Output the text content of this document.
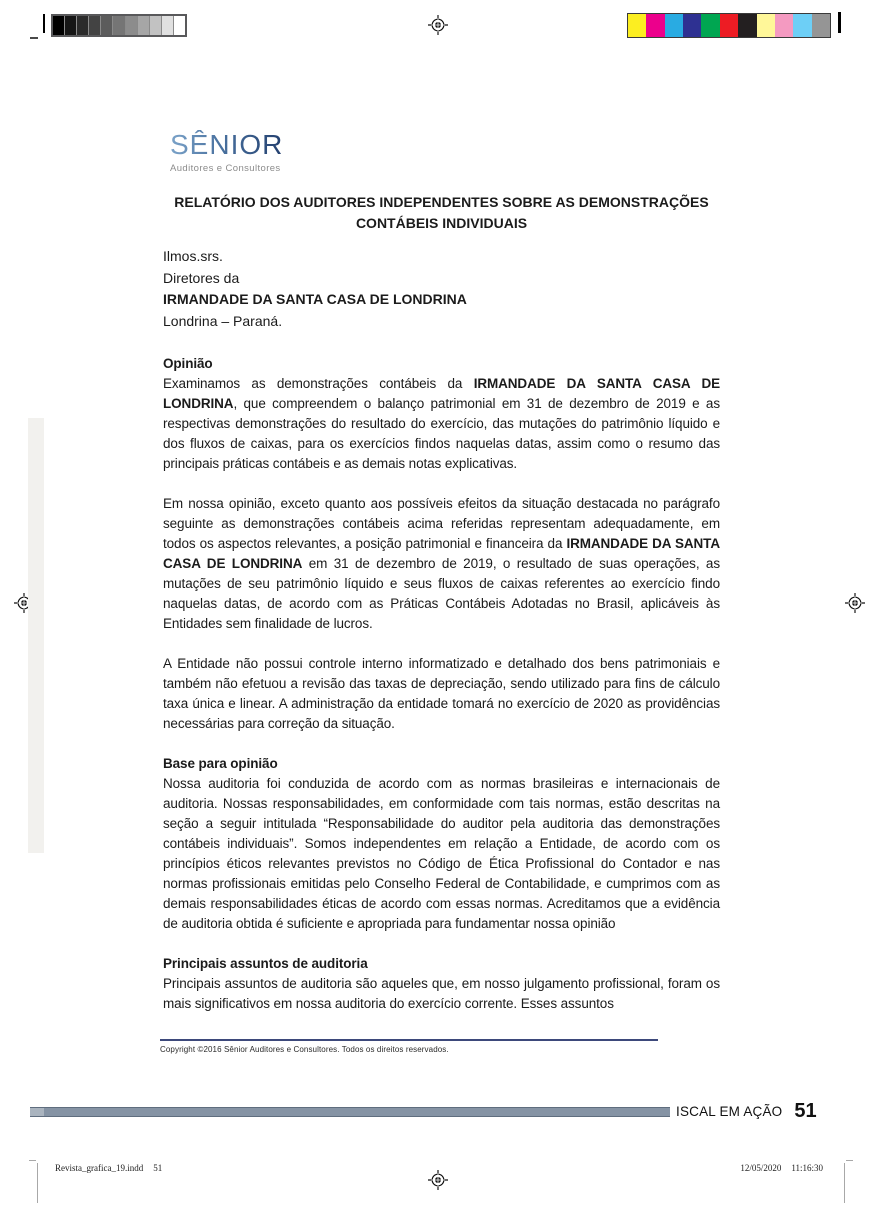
SÊNIOR
Auditores e Consultores
RELATÓRIO DOS AUDITORES INDEPENDENTES SOBRE AS DEMONSTRAÇÕES
CONTÁBEIS INDIVIDUAIS
Ilmos.srs.
Diretores da
IRMANDADE DA SANTA CASA DE LONDRINA
Londrina – Paraná.
Opinião

Examinamos as demonstrações contábeis da IRMANDADE DA SANTA CASA DE LONDRINA, que compreendem o balanço patrimonial em 31 de dezembro de 2019 e as respectivas demonstrações do resultado do exercício, das mutações do patrimônio líquido e dos fluxos de caixas, para os exercícios findos naquelas datas, assim como o resumo das principais práticas contábeis e as demais notas explicativas.

Em nossa opinião, exceto quanto aos possíveis efeitos da situação destacada no parágrafo seguinte as demonstrações contábeis acima referidas representam adequadamente, em todos os aspectos relevantes, a posição patrimonial e financeira da IRMANDADE DA SANTA CASA DE LONDRINA em 31 de dezembro de 2019, o resultado de suas operações, as mutações de seu patrimônio líquido e seus fluxos de caixas referentes ao exercício findo naquelas datas, de acordo com as Práticas Contábeis Adotadas no Brasil, aplicáveis às Entidades sem finalidade de lucros.

A Entidade não possui controle interno informatizado e detalhado dos bens patrimoniais e também não efetuou a revisão das taxas de depreciação, sendo utilizado para fins de cálculo taxa única e linear. A administração da entidade tomará no exercício de 2020 as providências necessárias para correção da situação.

Base para opinião

Nossa auditoria foi conduzida de acordo com as normas brasileiras e internacionais de auditoria. Nossas responsabilidades, em conformidade com tais normas, estão descritas na seção a seguir intitulada “Responsabilidade do auditor pela auditoria das demonstrações contábeis individuais”. Somos independentes em relação a Entidade, de acordo com os princípios éticos relevantes previstos no Código de Ética Profissional do Contador e nas normas profissionais emitidas pelo Conselho Federal de Contabilidade, e cumprimos com as demais responsabilidades éticas de acordo com essas normas. Acreditamos que a evidência de auditoria obtida é suficiente e apropriada para fundamentar nossa opinião

Principais assuntos de auditoria

Principais assuntos de auditoria são aqueles que, em nosso julgamento profissional, foram os mais significativos em nossa auditoria do exercício corrente. Esses assuntos

Copyright ©2016 Sênior Auditores e Consultores. Todos os direitos reservados.
ISCAL EM AÇÃO 51
Revista_grafica_19.indd 51	12/05/2020 11:16:30
